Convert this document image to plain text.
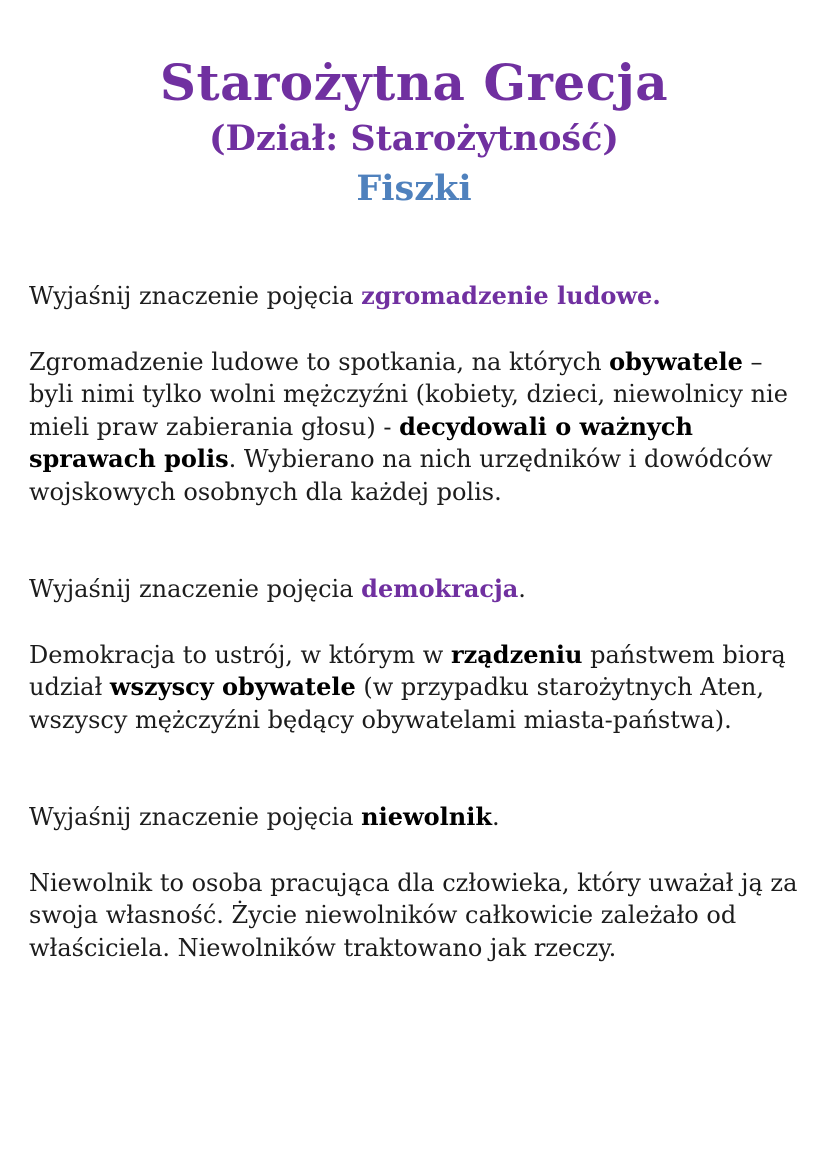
Starożytna Grecja
(Dział: Starożytność)
Fiszki

Wyjaśnij znaczenie pojęcia zgromadzenie ludowe.

Zgromadzenie ludowe to spotkania, na których obywatele – byli nimi tylko wolni mężczyźni (kobiety, dzieci, niewolnicy nie mieli praw zabierania głosu) - decydowali o ważnych sprawach polis. Wybierano na nich urzędników i dowódców wojskowych osobnych dla każdej polis.

Wyjaśnij znaczenie pojęcia demokracja.

Demokracja to ustrój, w którym w rządzeniu państwem biorą udział wszyscy obywatele (w przypadku starożytnych Aten, wszyscy mężczyźni będący obywatelami miasta-państwa).

Wyjaśnij znaczenie pojęcia niewolnik.

Niewolnik to osoba pracująca dla człowieka, który uważał ją za swoja własność. Życie niewolników całkowicie zależało od właściciela. Niewolników traktowano jak rzeczy.
